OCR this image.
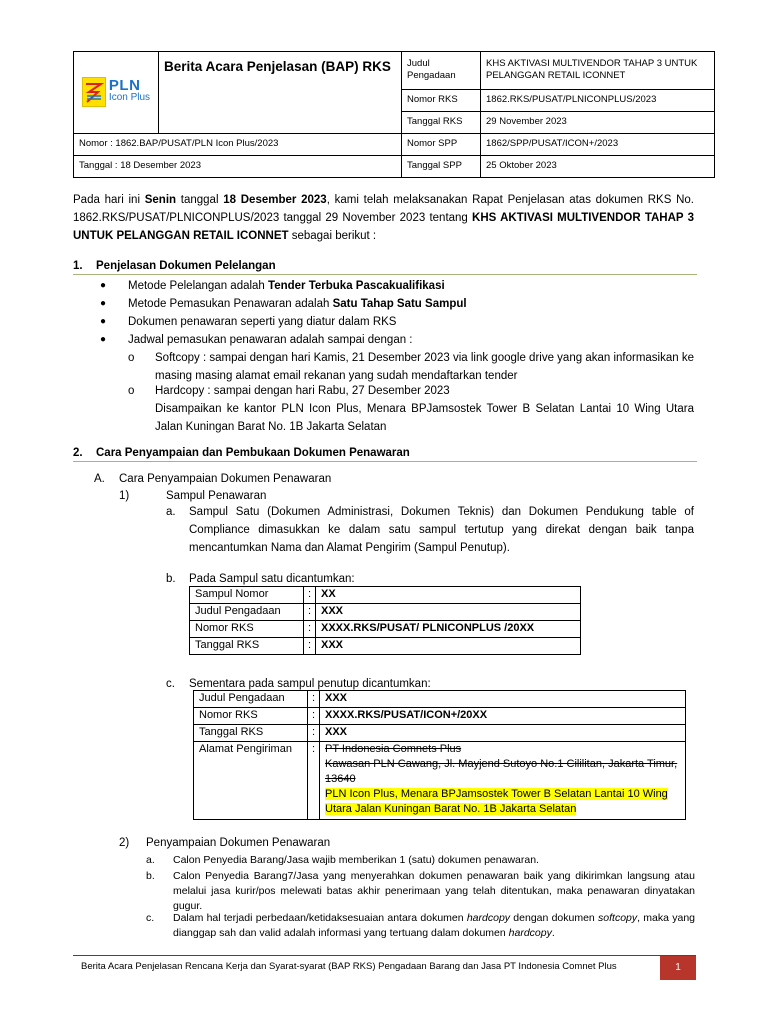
PLN
Icon Plus	Berita Acara Penjelasan (BAP) RKS	Judul Pengadaan	KHS AKTIVASI MULTIVENDOR TAHAP 3 UNTUK PELANGGAN RETAIL ICONNET
		Nomor RKS	1862.RKS/PUSAT/PLNICONPLUS/2023
		Tanggal RKS	29 November 2023
Nomor : 1862.BAP/PUSAT/PLN Icon Plus/2023		Nomor SPP	1862/SPP/PUSAT/ICON+/2023
Tanggal : 18 Desember 2023		Tanggal SPP	25 Oktober 2023
Pada hari ini Senin tanggal 18 Desember 2023, kami telah melaksanakan Rapat Penjelasan atas dokumen RKS No. 1862.RKS/PUSAT/PLNICONPLUS/2023 tanggal 29 November 2023 tentang KHS AKTIVASI MULTIVENDOR TAHAP 3 UNTUK PELANGGAN RETAIL ICONNET sebagai berikut :
1. Penjelasan Dokumen Pelelangan
● Metode Pelelangan adalah Tender Terbuka Pascakualifikasi
● Metode Pemasukan Penawaran adalah Satu Tahap Satu Sampul
● Dokumen penawaran seperti yang diatur dalam RKS
● Jadwal pemasukan penawaran adalah sampai dengan :
o Softcopy : sampai dengan hari Kamis, 21 Desember 2023 via link google drive yang akan informasikan ke masing masing alamat email rekanan yang sudah mendaftarkan tender
o Hardcopy : sampai dengan hari Rabu, 27 Desember 2023
Disampaikan ke kantor PLN Icon Plus, Menara BPJamsostek Tower B Selatan Lantai 10 Wing Utara Jalan Kuningan Barat No. 1B Jakarta Selatan
2. Cara Penyampaian dan Pembukaan Dokumen Penawaran
A. Cara Penyampaian Dokumen Penawaran
1)	Sampul Penawaran
a. Sampul Satu (Dokumen Administrasi, Dokumen Teknis) dan Dokumen Pendukung table of Compliance dimasukkan ke dalam satu sampul tertutup yang direkat dengan baik tanpa mencantumkan Nama dan Alamat Pengirim (Sampul Penutup).
b. Pada Sampul satu dicantumkan:
Sampul Nomor	:	XX
Judul Pengadaan	:	XXX
Nomor RKS	:	XXXX.RKS/PUSAT/ PLNICONPLUS /20XX
Tanggal RKS	:	XXX
c. Sementara pada sampul penutup dicantumkan:
Judul Pengadaan	:	XXX
Nomor RKS	:	XXXX.RKS/PUSAT/ICON+/20XX
Tanggal RKS	:	XXX
Alamat Pengiriman	:	PT Indonesia Comnets Plus
Kawasan PLN Cawang, Jl. Mayjend Sutoyo No.1 Cililitan, Jakarta Timur, 13640
PLN Icon Plus, Menara BPJamsostek Tower B Selatan Lantai 10 Wing Utara Jalan Kuningan Barat No. 1B Jakarta Selatan
2) Penyampaian Dokumen Penawaran
a. Calon Penyedia Barang/Jasa wajib memberikan 1 (satu) dokumen penawaran.
b. Calon Penyedia Barang7/Jasa yang menyerahkan dokumen penawaran baik yang dikirimkan langsung atau melalui jasa kurir/pos melewati batas akhir penerimaan yang telah ditentukan, maka penawaran dinyatakan gugur.
c. Dalam hal terjadi perbedaan/ketidaksesuaian antara dokumen hardcopy dengan dokumen softcopy, maka yang dianggap sah dan valid adalah informasi yang tertuang dalam dokumen hardcopy.
Berita Acara Penjelasan Rencana Kerja dan Syarat-syarat (BAP RKS) Pengadaan Barang dan Jasa PT Indonesia Comnet Plus	1
